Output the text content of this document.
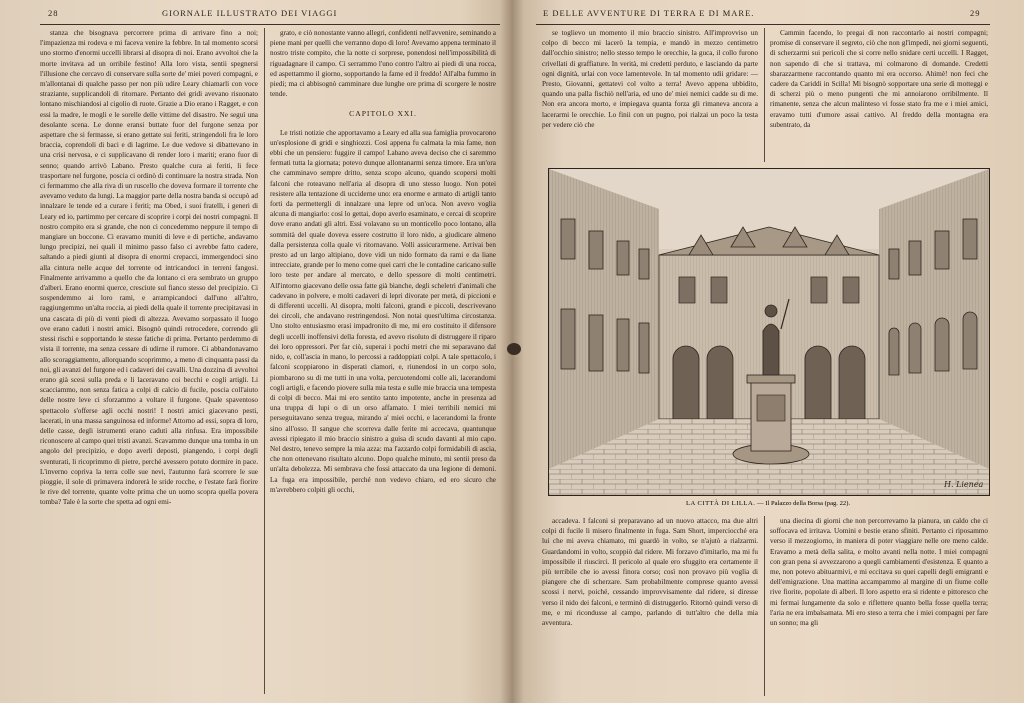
28	GIORNALE ILLUSTRATO DEI VIAGGI

stanza che bisognava percorrere prima di arrivare fino a noi; l'impazienza mi rodeva e mi faceva venire la febbre. In tal momento scorsi uno stormo d'enormi uccelli librarsi al disopra di noi. Erano avvoltoi che la morte invitava ad un orribile festino! Alla loro vista, sentii spegnersi l'illusione che cercavo di conservare sulla sorte de' miei poveri compagni, e m'allontanai di qualche passo per non più udire Leary chiamarli con voce straziante, supplicandoli di ritornare. Pertanto dei gridi avevano risuonato lontano mischiandosi al cigolio di ruote. Grazie a Dio erano i Ragget, e con essi la madre, le mogli e le sorelle delle vittime del disastro. Ne seguì una desolante scena. Le donne eransi buttate fuor del furgone senza por aspettare che si fermasse, si erano gettate sui feriti, stringendoli fra le loro braccia, coprendoli di baci e di lagrime. Le due vedove si dibattevano in una crisi nervosa, e ci supplicavano di render loro i mariti; erano fuor di senno; quando arrivò Labano. Presto qualche cura ai feriti, li fece trasportare nel furgone, poscia ci ordinò di continuare la nostra strada. Non ci fermammo che alla riva di un ruscello che doveva formare il torrente che avevamo veduto da lungi. La maggior parte della nostra banda si occupò ad innalzare le tende ed a curare i feriti; ma Obed, i suoi fratelli, i generi di Leary ed io, partimmo per cercare di scoprire i corpi dei nostri compagni. Il nostro compito era si grande, che non ci concedemmo neppure il tempo di mangiare un boccone. Ci eravamo muniti di leve e di pertiche, andavamo lungo precipizi, nei quali il minimo passo falso ci avrebbe fatto cadere, saltando a piedi giunti al disopra di enormi crepacci, immergendoci sino alla cintura nelle acque del torrente od intricandoci in terreni fangosi. Finalmente arrivammo a quello che da lontano ci era sembrato un gruppo d'alberi. Erano enormi querce, cresciute sul fianco stesso del precipizio. Ci sospendemmo ai loro rami, e arrampicandoci dall'uno all'altro, raggiungemmo un'alta roccia, ai piedi della quale il torrente precipitavasi in una cascata di più di venti piedi di altezza. Avevamo sorpassato il luogo ove erano caduti i nostri amici. Bisognò quindi retrocedere, correndo gli stessi rischi e sopportando le stesse fatiche di prima. Pertanto perdemmo di vista il torrente, ma senza cessare di udirne il rumore. Ci abbandonavamo allo scoraggiamento, allorquando scoprimmo, a meno di cinquanta passi da noi, gli avanzi del furgone ed i cadaveri dei cavalli. Una dozzina di avvoltoi erano già scesi sulla preda e li laceravano coi becchi e cogli artigli. Li scacciammo, non senza fatica a colpi di calcio di fucile, poscia coll'aiuto delle nostre leve ci sforzammo a voltare il furgone. Quale spaventoso spettacolo s'offerse agli occhi nostri! I nostri amici giacevano pesti, lacerati, in una massa sanguinosa ed informe! Attorno ad essi, sopra di loro, delle casse, degli istrumenti erano caduti alla rinfusa. Era impossibile riconoscere al campo quei tristi avanzi. Scavammo dunque una tomba in un angolo del precipizio, e dopo averli deposti, piangendo, i corpi degli sventurati, li ricoprimmo di pietre, perché avessero potuto dormire in pace. L'inverno copriva la terra colle sue nevi, l'autunno farà scorrere le sue pioggie, il sole di primavera indorerà le sride rocche, e l'estate farà fiorire le rive del torrente, quante volte prima che un uomo scopra quella povera tomba? Tale è la sorte che spetta ad ogni emi-

grato, e ciò nonostante vanno allegri, confidenti nell'avvenire, seminando a piene mani per quelli che verranno dopo di loro! Avevamo appena terminato il nostro triste compito, che la notte ci sorprese, ponendosi nell'impossibilità di riguadagnare il campo. Ci serrammo l'uno contro l'altro ai piedi di una rocca, ed aspettammo il giorno, sopportando la fame ed il freddo! All'alba fummo in piedi; ma ci abbisognò camminare due lunghe ore prima di scorgere le nostre tende.

CAPITOLO XXI.

Le tristi notizie che apportavamo a Leary ed alla sua famiglia provocarono un'esplosione di gridi e singhiozzi. Così appena fu calmata la mia fame, non ebbi che un pensiero: fuggire il campo! Labano aveva deciso che ci saremmo fermati tutta la giornata; potevo dunque allontanarmi senza timore. Era un'ora che camminavo sempre dritto, senza scopo alcuno, quando scopersi molti falconi che roteavano nell'aria al disopra di uno stesso luogo. Non potei resistere alla tentazione di ucciderne uno: era enorme e armato di artigli tanto forti da permettergli di innalzare una lepre od un'oca. Non avevo voglia alcuna di mangiarlo: così lo gettai, dopo averlo esaminato, e cercai di scoprire dove erano andati gli altri. Essi volavano su un monticello poco lontano, alla sommità del quale doveva essere costrutto il loro nido, a giudicare almeno dalla persistenza colla quale vi ritornavano. Volli assicurarmene. Arrivai ben presto ad un largo altipiano, dove vidi un nido formato da rami e da liane intrecciate, grande per lo meno come quei carri che le contadine caricano sulle loro teste per andare al mercato, e dello spessore di molti centimetri. All'intorno giacevano delle ossa fatte già bianche, degli scheletri d'animali che cadevano in polvere, e molti cadaveri di lepri divorate per metà, di piccioni e di differenti uccelli. Al disopra, molti falconi, grandi e piccoli, descrivevano dei circoli, che andavano restringendosi. Non notai quest'ultima circostanza. Uno stolto entusiasmo erasi impadronito di me, mi ero costituito il difensore degli uccelli inoffensivi della foresta, ed avevo risoluto di distruggere il riparo dei loro oppressori. Per far ciò, superai i pochi metri che mi separavano dal nido, e, coll'ascia in mano, lo percossi a raddoppiati colpi. A tale spettacolo, i falconi scoppiarono in disperati clamori, e, riunendosi in un corpo solo, piombarono su di me tutti in una volta, percuotendomi colle ali, lacerandomi cogli artigli, e facendo piovere sulla mia testa e sulle mie braccia una tempesta di colpi di becco. Mai mi ero sentito tanto impotente, anche in presenza ad una truppa di lupi o di un orso affamato. I miei terribili nemici mi perseguitavano senza tregua, mirando a' miei occhi, e lacerandomi la fronte sino all'osso. Il sangue che scorreva dalle ferite mi accecava, quantunque avessi ripiegato il mio braccio sinistro a guisa di scudo davanti al mio capo. Nel destro, tenevo sempre la mia azza: ma l'azzardo colpi formidabili di ascia, che non ottenevano risultato alcuno. Dopo qualche minuto, mi sentii preso da un'alta debolezza. Mi sembrava che fossi attaccato da una legione di demoni. La fuga era impossibile, perché non vedevo chiaro, ed ero sicuro che m'avrebbero colpiti gli occhi,

E DELLE AVVENTURE DI TERRA E DI MARE.	29

se toglievo un momento il mio braccio sinistro. All'improvviso un colpo di becco mi lacerò la tempia, e mandò in mezzo centimetro dall'occhio sinistro; nello stesso tempo le orecchie, la guca, il collo furono crivellati di graffiature. In verità, mi credetti perduto, e lasciando da parte ogni dignità, urlai con voce lamentevole. In tal momento udii gridare: — Presto, Giovanni, gettatevi col volto a terra! Avevo appena ubbidito, quando una palla fischiò nell'aria, ed uno de' miei nemici cadde su di me. Non era ancora morto, e impiegava quanta forza gli rimaneva ancora a lacerarmi le orecchie. Lo finii con un pugno, poi rialzai un poco la testa per vedere ciò che

Cammin facendo, lo pregai di non raccontarlo ai nostri compagni; promise di conservare il segreto, ciò che non gl'impedì, nei giorni seguenti, di scherzarmi sui pericoli che si corre nello snidare certi uccelli. I Ragget, non sapendo di che si trattava, mi colmarono di domande. Credetti sbarazzarmene raccontando quanto mi era occorso. Ahimè! non feci che cadere da Cariddi in Scilla! Mi bisognò sopportare una serie di motteggi e di scherzi più o meno pungenti che mi annoiarono orribilmente. Il rimanente, senza che alcun malinteso vi fosse stato fra me e i miei amici, eravamo tutti d'umore assai cattivo. Al freddo della montagna era subentrato, da

accadeva. I falconi si preparavano ad un nuovo attacco, ma due altri colpi di fucile li misero finalmente in fuga. Sam Short, imperciocché era lui che mi aveva chiamato, mi guardò in volto, se n'ajutò a rialzarmi. Guardandomi in volto, scoppiò dal ridere. Mi forzavo d'imitarlo, ma mi fu impossibile il riuscirci. Il pericolo al quale ero sfuggito era certamente il più terribile che io avessi finora corso; così non provavo più voglia di piangere che di scherzare. Sam probabilmente comprese quanto avessi scossi i nervi, poiché, cessando improvvisamente dal ridere, si diresse verso il nido dei falconi, e terminò di distruggerlo. Ritornò quindi verso di me, e mi ricondusse al campo, parlando di tutt'altro che della mia avventura.

una diecina di giorni che non percorrevamo la pianura, un caldo che ci soffocava ed irritava. Uomini e bestie erano sfiniti. Pertanto ci riposammo verso il mezzogiorno, in maniera di poter viaggiare nelle ore meno calde. Eravamo a metà della salita, e molto avanti nella notte. I miei compagni con gran pena si avvezzarono a quegli cambiamenti d'esistenza. E quanto a me, non potevo abituarmivi, e mi eccitava su quei capelli degli emigranti e dell'emigrazione. Una mattina accampammo al margine di un fiume colle rive fiorite, popolate di alberi. Il loro aspetto era si ridente e pittoresco che mi fermai lungamente da solo e riflettere quanto bella fosse quella terra; l'aria ne era imbalsamata. Mi ero steso a terra che i miei compagni per fare un sonno; ma gli

H. Lienea
LA CITTÀ DI LILLA. — Il Palazzo della Borsa (pag. 22).
